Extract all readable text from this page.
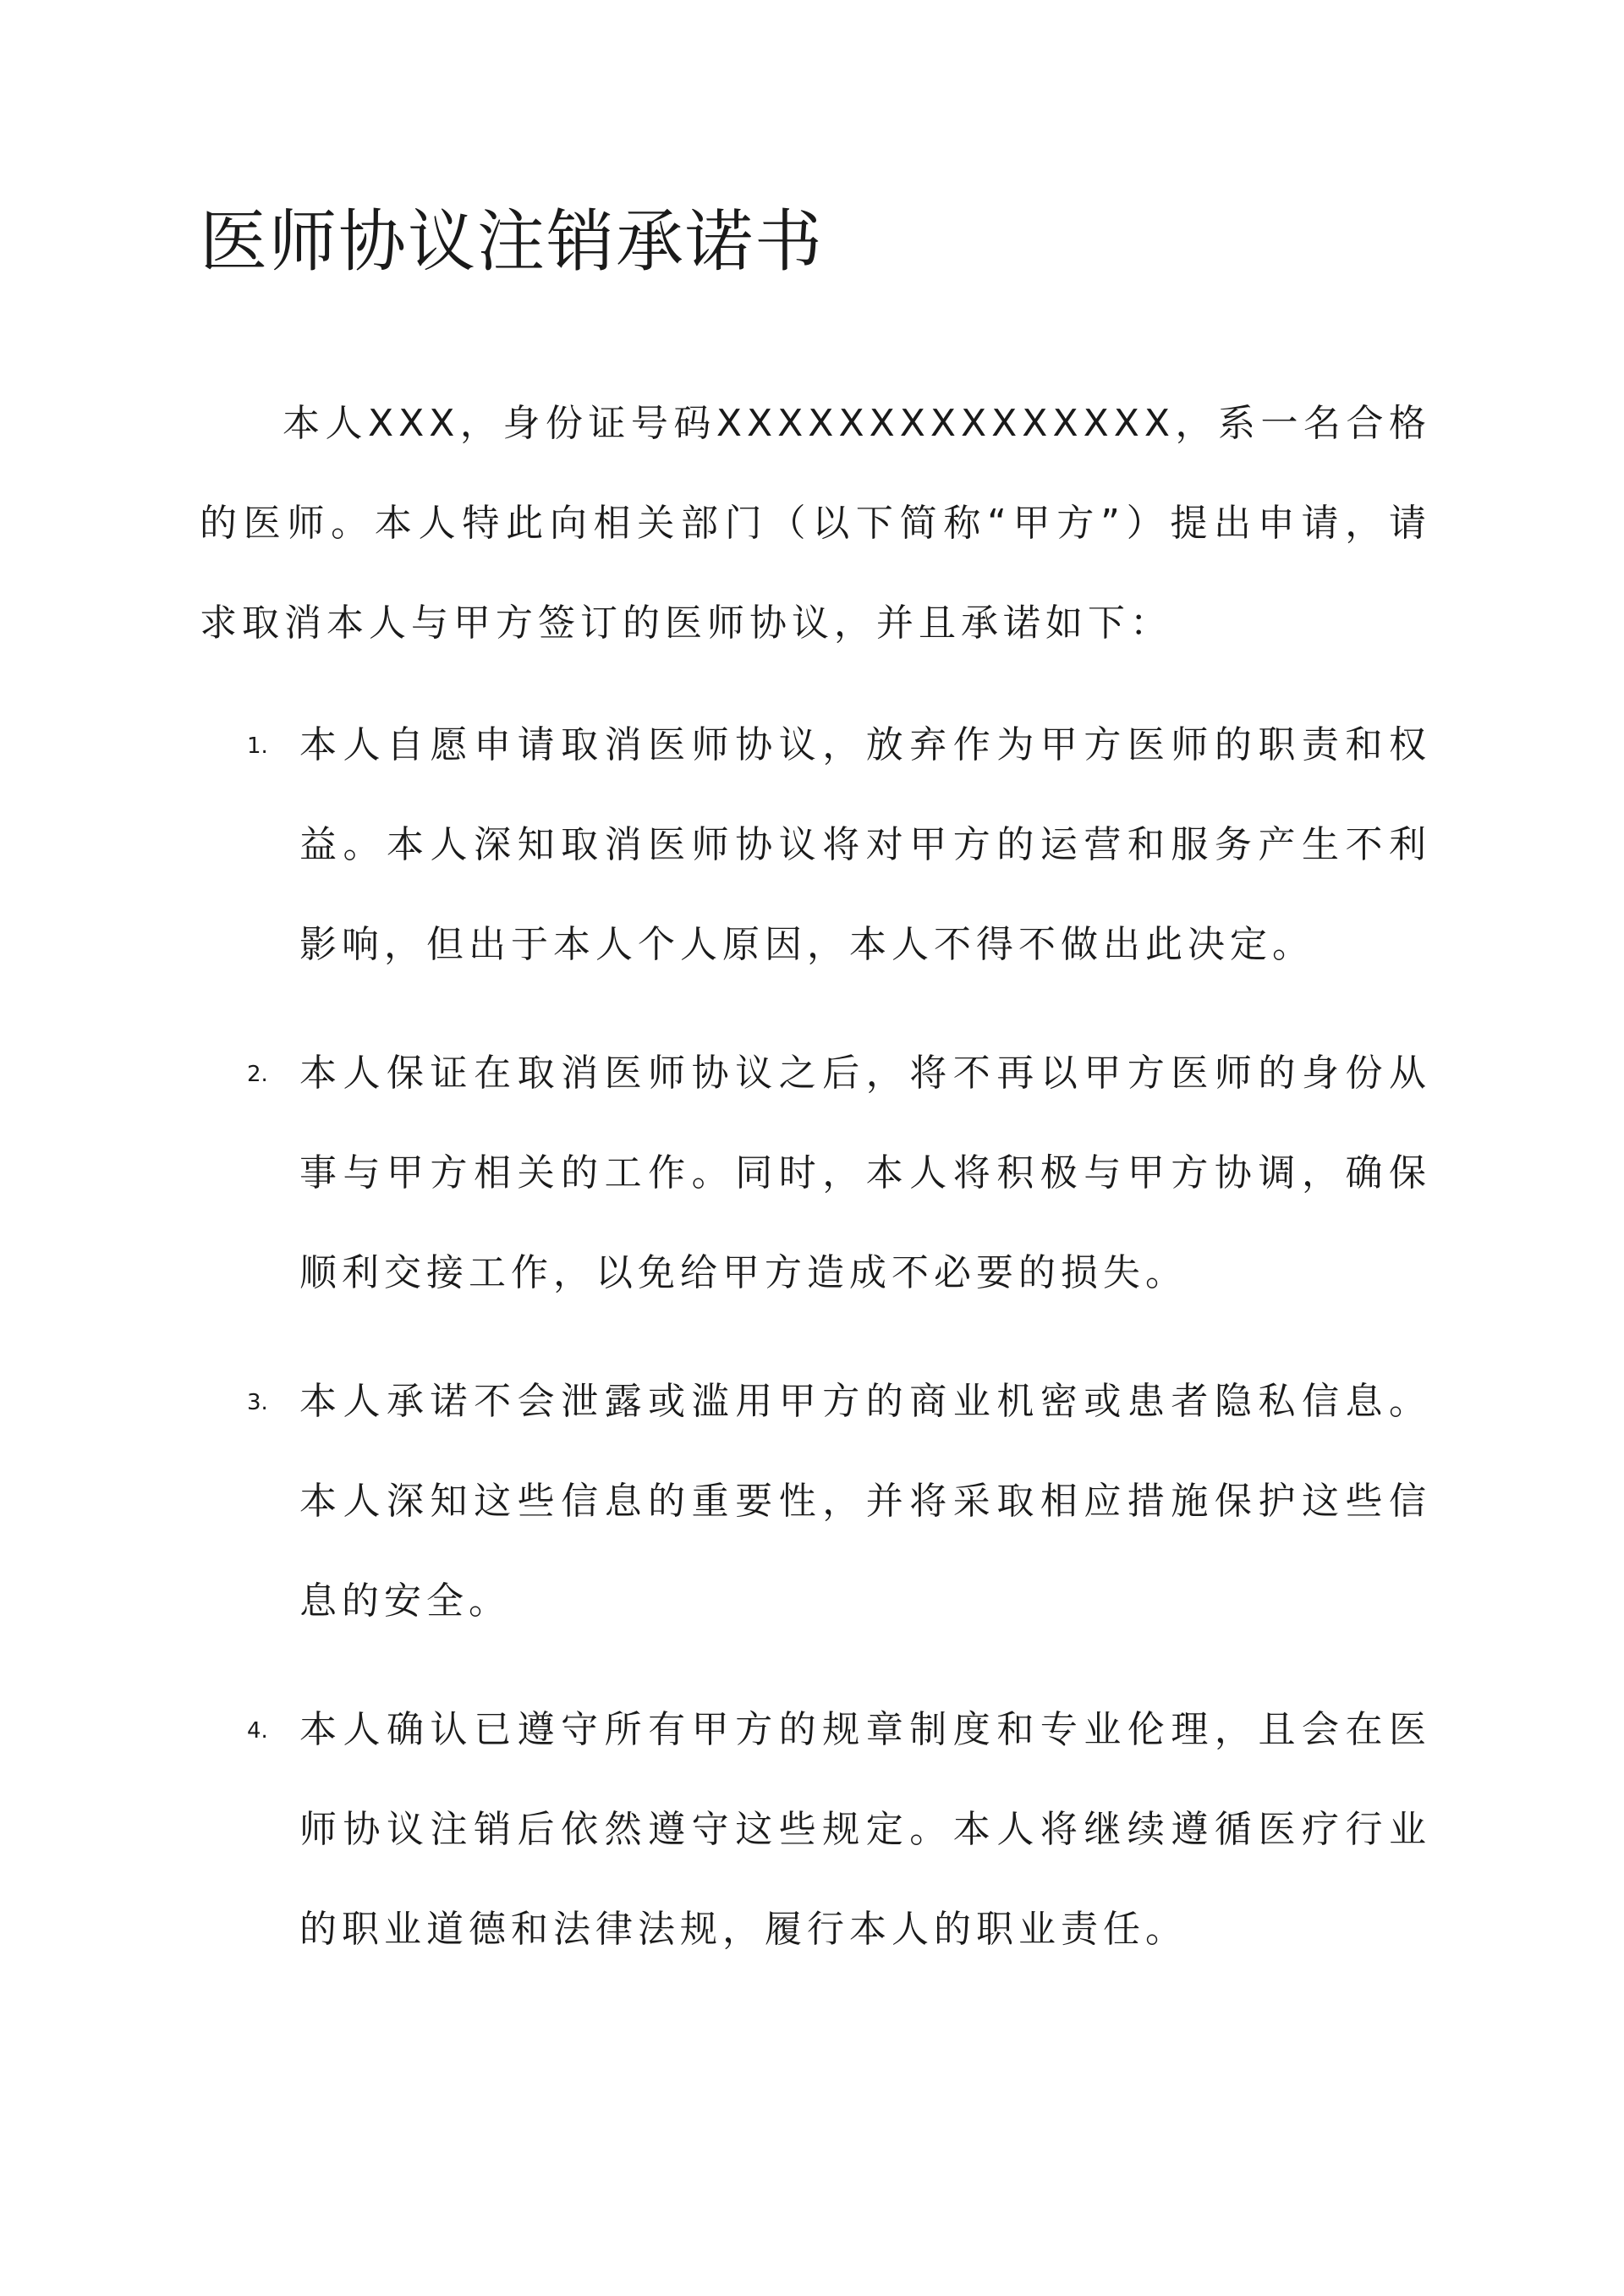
医师协议注销承诺书

本人XXX，身份证号码XXXXXXXXXXXXXXX，系一名合格的医师。本人特此向相关部门（以下简称“甲方”）提出申请，请求取消本人与甲方签订的医师协议，并且承诺如下：

1. 本人自愿申请取消医师协议，放弃作为甲方医师的职责和权益。本人深知取消医师协议将对甲方的运营和服务产生不利影响，但出于本人个人原因，本人不得不做出此决定。

2. 本人保证在取消医师协议之后，将不再以甲方医师的身份从事与甲方相关的工作。同时，本人将积极与甲方协调，确保顺利交接工作，以免给甲方造成不必要的损失。

3. 本人承诺不会泄露或滥用甲方的商业机密或患者隐私信息。本人深知这些信息的重要性，并将采取相应措施保护这些信息的安全。

4. 本人确认已遵守所有甲方的规章制度和专业伦理，且会在医师协议注销后依然遵守这些规定。本人将继续遵循医疗行业的职业道德和法律法规，履行本人的职业责任。
